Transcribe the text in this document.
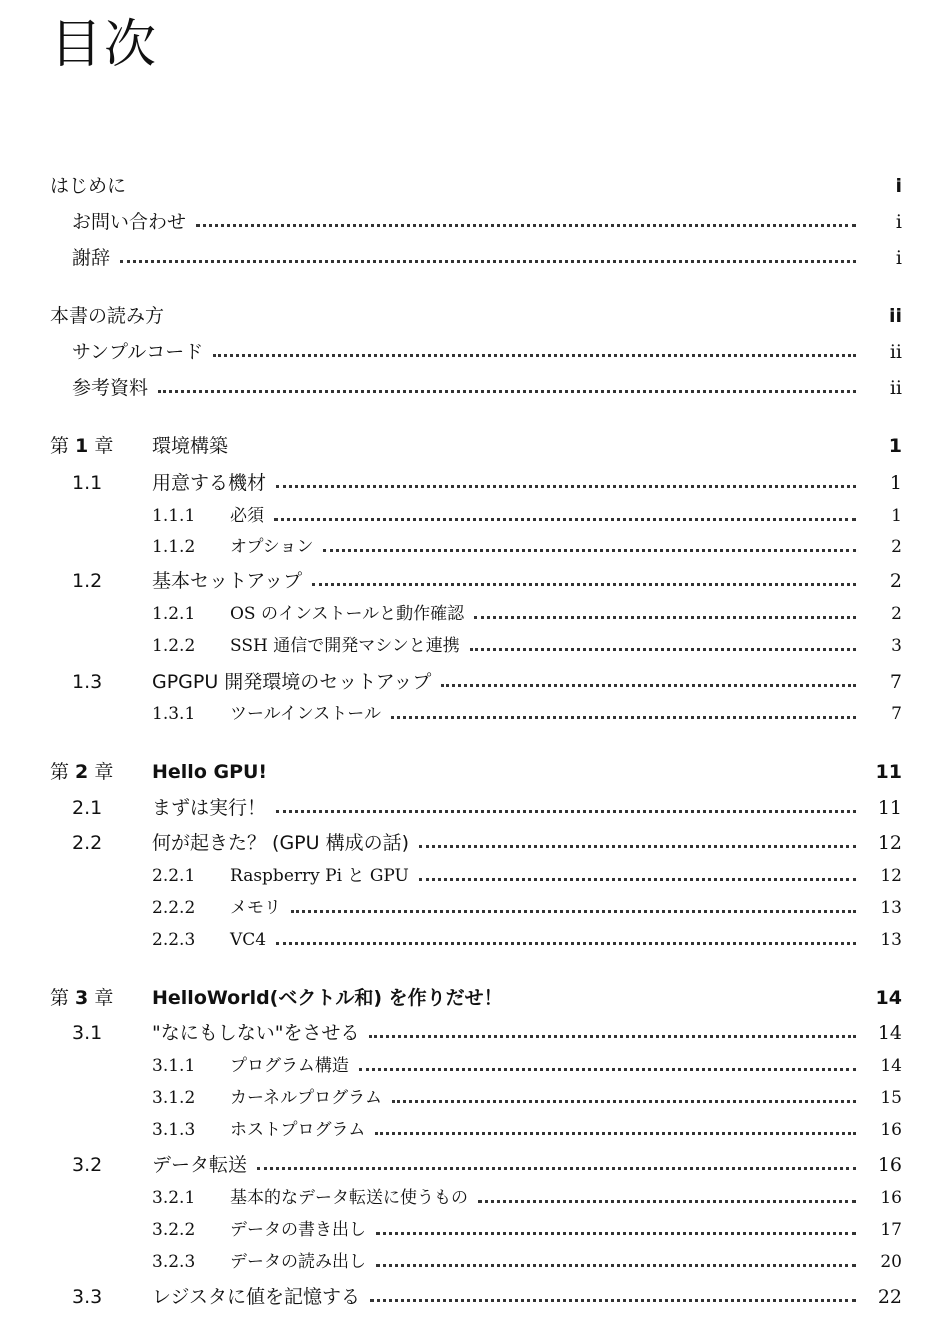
目次
はじめに	i
お問い合わせ	i
謝辞	i
本書の読み方	ii
サンプルコード	ii
参考資料	ii
第 1 章 環境構築	1
1.1	用意する機材	1
1.1.1 必須	1
1.1.2 オプション	2
1.2	基本セットアップ	2
1.2.1 OS のインストールと動作確認	2
1.2.2 SSH 通信で開発マシンと連携	3
1.3	GPGPU 開発環境のセットアップ	7
1.3.1 ツールインストール	7
第 2 章 Hello GPU!	11
2.1	まずは実行！	11
2.2	何が起きた？ (GPU 構成の話)	12
2.2.1 Raspberry Pi と GPU	12
2.2.2 メモリ	13
2.2.3 VC4	13
第 3 章 HelloWorld(ベクトル和) を作りだせ！	14
3.1	"なにもしない"をさせる	14
3.1.1 プログラム構造	14
3.1.2 カーネルプログラム	15
3.1.3 ホストプログラム	16
3.2	データ転送	16
3.2.1 基本的なデータ転送に使うもの	16
3.2.2 データの書き出し	17
3.2.3 データの読み出し	20
3.3	レジスタに値を記憶する	22
